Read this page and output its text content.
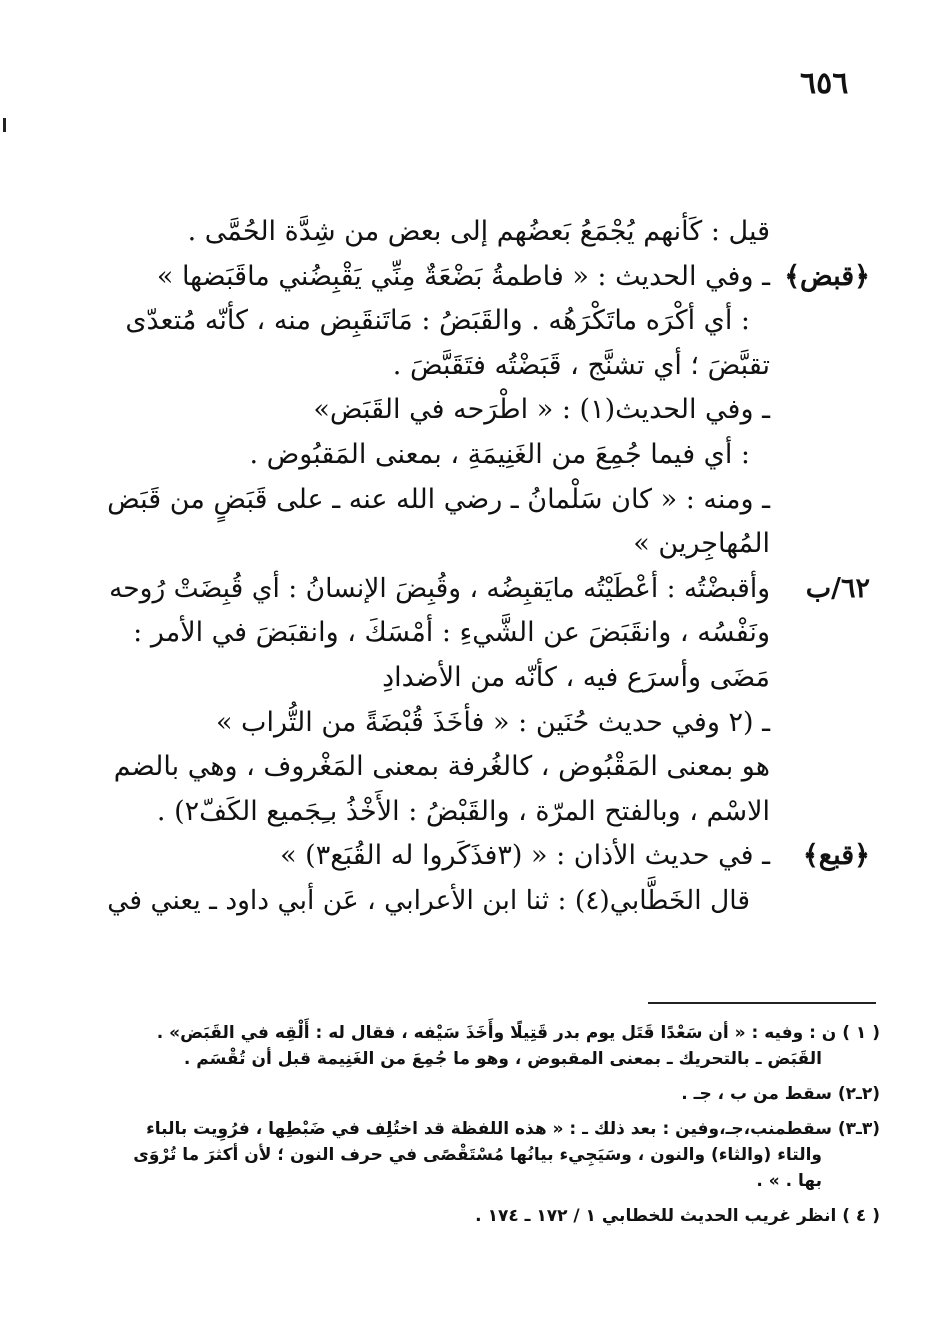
٦٥٦
قيل : كَأنهم يُجْمَعُ بَعضُهم إلى بعض من شِدَّة الحُمَّى .
﴿قبض﴾
ـ وفي الحديث : « فاطمةُ بَضْعَةٌ مِنِّي يَقْبِضُني ماقَبَضها »
: أي أكْرَه ماتَكْرَهُه . والقَبَضُ : مَاتَنقَبِض منه ، كأنّه مُتعدّى
تقبَّضَ ؛ أي تشنَّج ، قَبَضْتُه فتَقَبَّضَ .
ـ وفي الحديث(١) : « اطْرَحه في القَبَض»
: أي فيما جُمِعَ من الغَنِيمَةِ ، بمعنى المَقبُوض .
ـ ومنه : « كان سَلْمانُ ـ رضي الله عنه ـ على قَبَضٍ من قَبَض
المُهاجِرين »
٦٢/ب
وأقبضْتُه : أعْطَيْتُه مايَقبِضُه ، وقُبِضَ الإنسانُ : أي قُبِضَتْ رُوحه
ونَفْسُه ، وانقَبَضَ عن الشَّيءِ : أمْسَكَ ، وانقبَضَ في الأمر :
مَضَى وأسرَع فيه ، كأنّه من الأضدادِ
ـ (٢ وفي حديث حُنَين : « فأخَذَ قُبْضَةً من التُّراب »
هو بمعنى المَقْبُوض ، كالغُرفة بمعنى المَغْروف ، وهي بالضم
الاسْم ، وبالفتح المرّة ، والقَبْضُ : الأَخْذُ بـِجَميع الكَفّ٢) .
﴿قبع﴾
ـ في حديث الأذان : « (٣فذَكَروا له القُبَع٣) »
قال الخَطَّابي(٤) : ثنا ابن الأعرابي ، عَن أبي داود ـ يعني في
( ١ ) ن : وفيه : « أن سَعْدًا قَتَل يوم بدر قَتِيلًا وأَخَذَ سَيْفه ، فقال له : أَلْقِه في القَبَض» .
القَبَض ـ بالتحريك ـ بمعنى المقبوض ، وهو ما جُمِعَ من الغَنِيمة قبل أن تُقْسَم .
(٢ـ٢) سقط من ب ، جـ .
(٣ـ٣) سقطمنب،جـ،وفين : بعد ذلك ـ : « هذه اللفظة قد اختُلِف في ضَبْطِها ، فرُوِيت بالباء
والتاء (والثاء) والنون ، وسَيَجِيء بيانُها مُسْتَقْصًى في حرف النون ؛ لأن أكثرَ ما تُرْوَى
بها . » .
( ٤ ) انظر غريب الحديث للخطابي ١ / ١٧٢ ـ ١٧٤ .
